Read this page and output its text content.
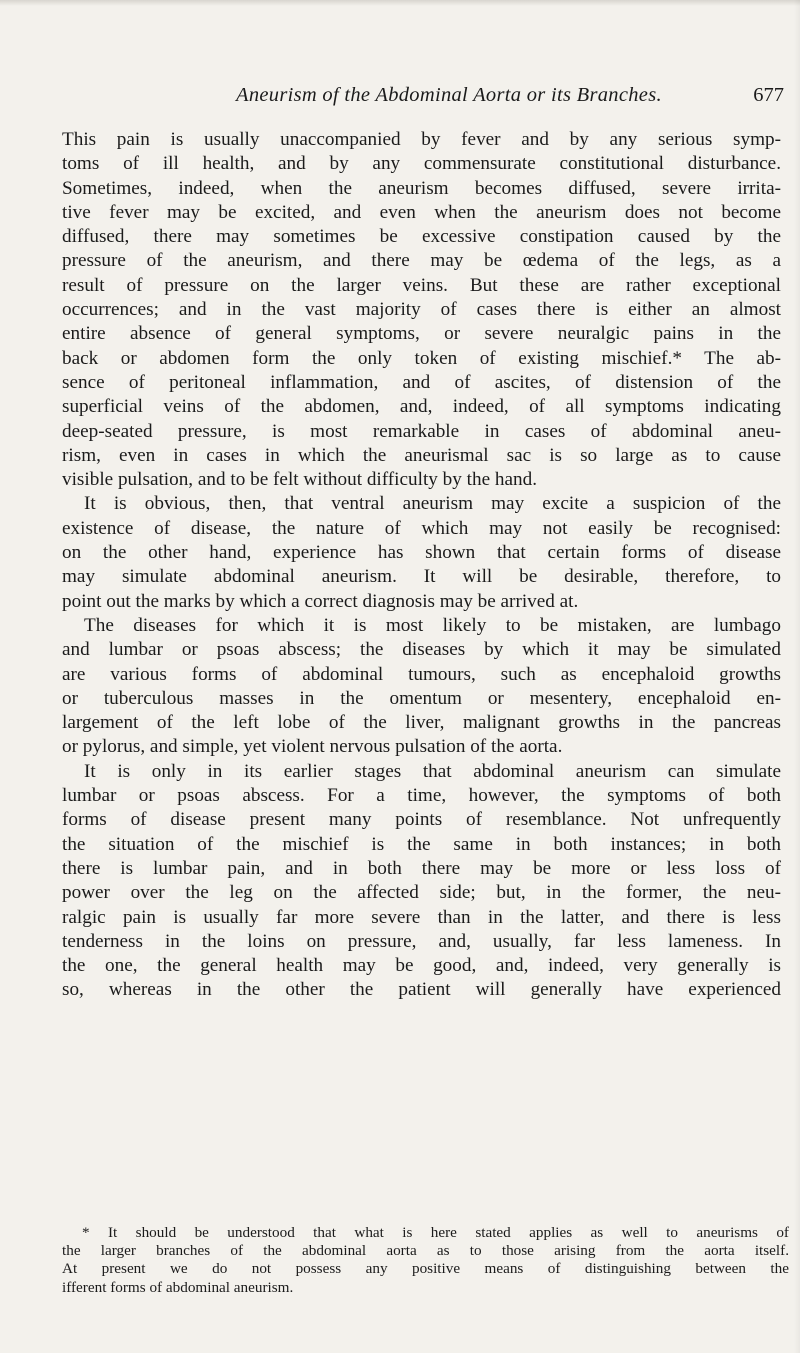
Aneurism of the Abdominal Aorta or its Branches.	677
This pain is usually unaccompanied by fever and by any serious symp-
toms of ill health, and by any commensurate constitutional disturbance.
Sometimes, indeed, when the aneurism becomes diffused, severe irrita-
tive fever may be excited, and even when the aneurism does not become
diffused, there may sometimes be excessive constipation caused by the
pressure of the aneurism, and there may be œdema of the legs, as a
result of pressure on the larger veins. But these are rather exceptional
occurrences; and in the vast majority of cases there is either an almost
entire absence of general symptoms, or severe neuralgic pains in the
back or abdomen form the only token of existing mischief.* The ab-
sence of peritoneal inflammation, and of ascites, of distension of the
superficial veins of the abdomen, and, indeed, of all symptoms indicating
deep-seated pressure, is most remarkable in cases of abdominal aneu-
rism, even in cases in which the aneurismal sac is so large as to cause
visible pulsation, and to be felt without difficulty by the hand.
It is obvious, then, that ventral aneurism may excite a suspicion of the
existence of disease, the nature of which may not easily be recognised:
on the other hand, experience has shown that certain forms of disease
may simulate abdominal aneurism. It will be desirable, therefore, to
point out the marks by which a correct diagnosis may be arrived at.
The diseases for which it is most likely to be mistaken, are lumbago
and lumbar or psoas abscess; the diseases by which it may be simulated
are various forms of abdominal tumours, such as encephaloid growths
or tuberculous masses in the omentum or mesentery, encephaloid en-
largement of the left lobe of the liver, malignant growths in the pancreas
or pylorus, and simple, yet violent nervous pulsation of the aorta.
It is only in its earlier stages that abdominal aneurism can simulate
lumbar or psoas abscess. For a time, however, the symptoms of both
forms of disease present many points of resemblance. Not unfrequently
the situation of the mischief is the same in both instances; in both
there is lumbar pain, and in both there may be more or less loss of
power over the leg on the affected side; but, in the former, the neu-
ralgic pain is usually far more severe than in the latter, and there is less
tenderness in the loins on pressure, and, usually, far less lameness. In
the one, the general health may be good, and, indeed, very generally is
so, whereas in the other the patient will generally have experienced
* It should be understood that what is here stated applies as well to aneurisms of
the larger branches of the abdominal aorta as to those arising from the aorta itself.
At present we do not possess any positive means of distinguishing between the
ifferent forms of abdominal aneurism.
